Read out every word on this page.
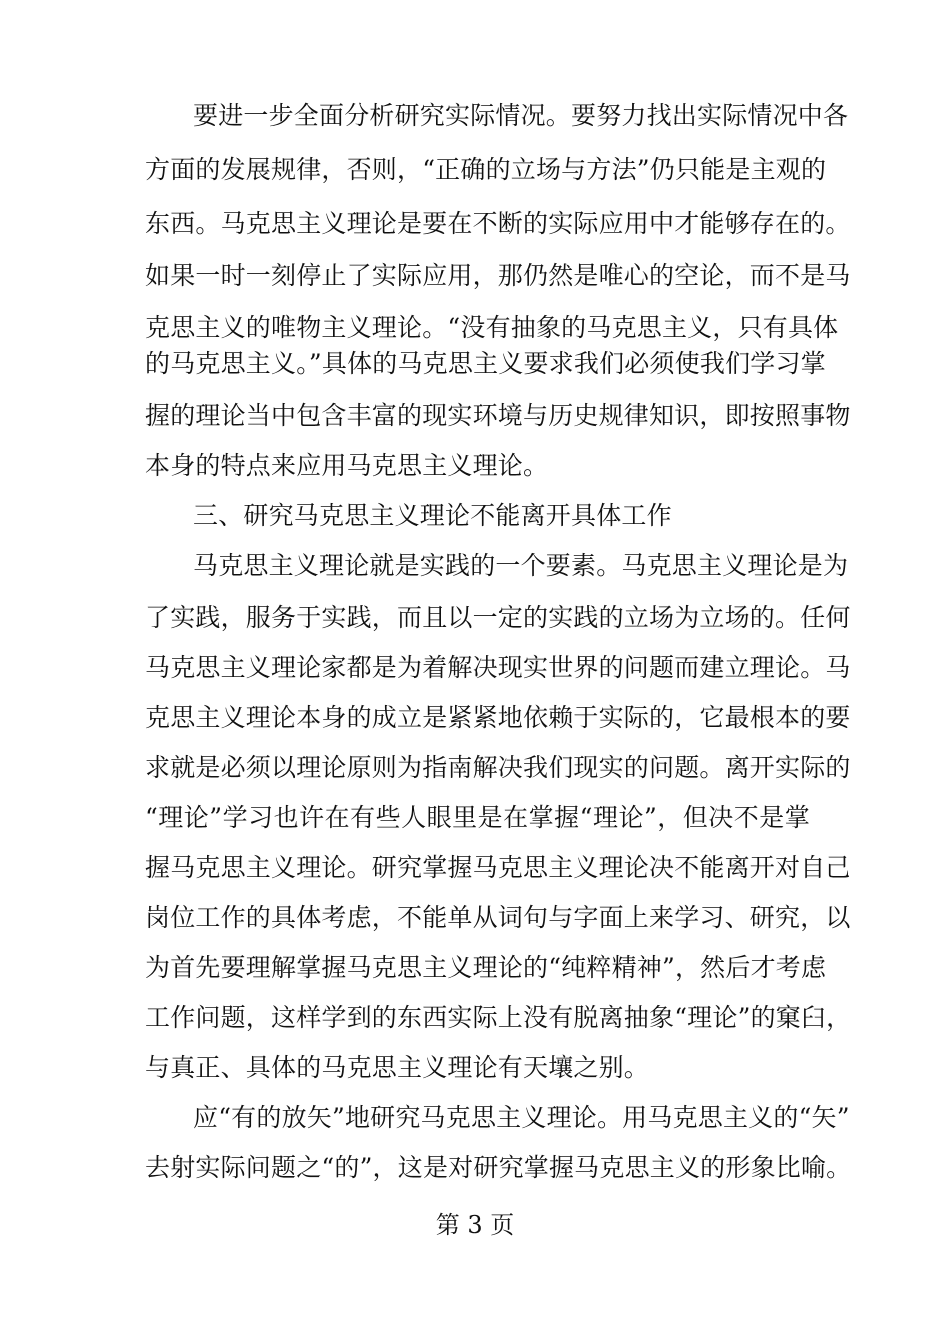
要进一步全面分析研究实际情况。要努力找出实际情况中各
方面的发展规律，否则，“正确的立场与方法”仍只能是主观的
东西。马克思主义理论是要在不断的实际应用中才能够存在的。
如果一时一刻停止了实际应用，那仍然是唯心的空论，而不是马
克思主义的唯物主义理论。“没有抽象的马克思主义，只有具体
的马克思主义。”具体的马克思主义要求我们必须使我们学习掌
握的理论当中包含丰富的现实环境与历史规律知识，即按照事物
本身的特点来应用马克思主义理论。
三、研究马克思主义理论不能离开具体工作
马克思主义理论就是实践的一个要素。马克思主义理论是为
了实践，服务于实践，而且以一定的实践的立场为立场的。任何
马克思主义理论家都是为着解决现实世界的问题而建立理论。马
克思主义理论本身的成立是紧紧地依赖于实际的，它最根本的要
求就是必须以理论原则为指南解决我们现实的问题。离开实际的
“理论”学习也许在有些人眼里是在掌握“理论”，但决不是掌
握马克思主义理论。研究掌握马克思主义理论决不能离开对自己
岗位工作的具体考虑，不能单从词句与字面上来学习、研究，以
为首先要理解掌握马克思主义理论的“纯粹精神”，然后才考虑
工作问题，这样学到的东西实际上没有脱离抽象“理论”的窠臼，
与真正、具体的马克思主义理论有天壤之别。
应“有的放矢”地研究马克思主义理论。用马克思主义的“矢”
去射实际问题之“的”，这是对研究掌握马克思主义的形象比喻。
第 3 页
